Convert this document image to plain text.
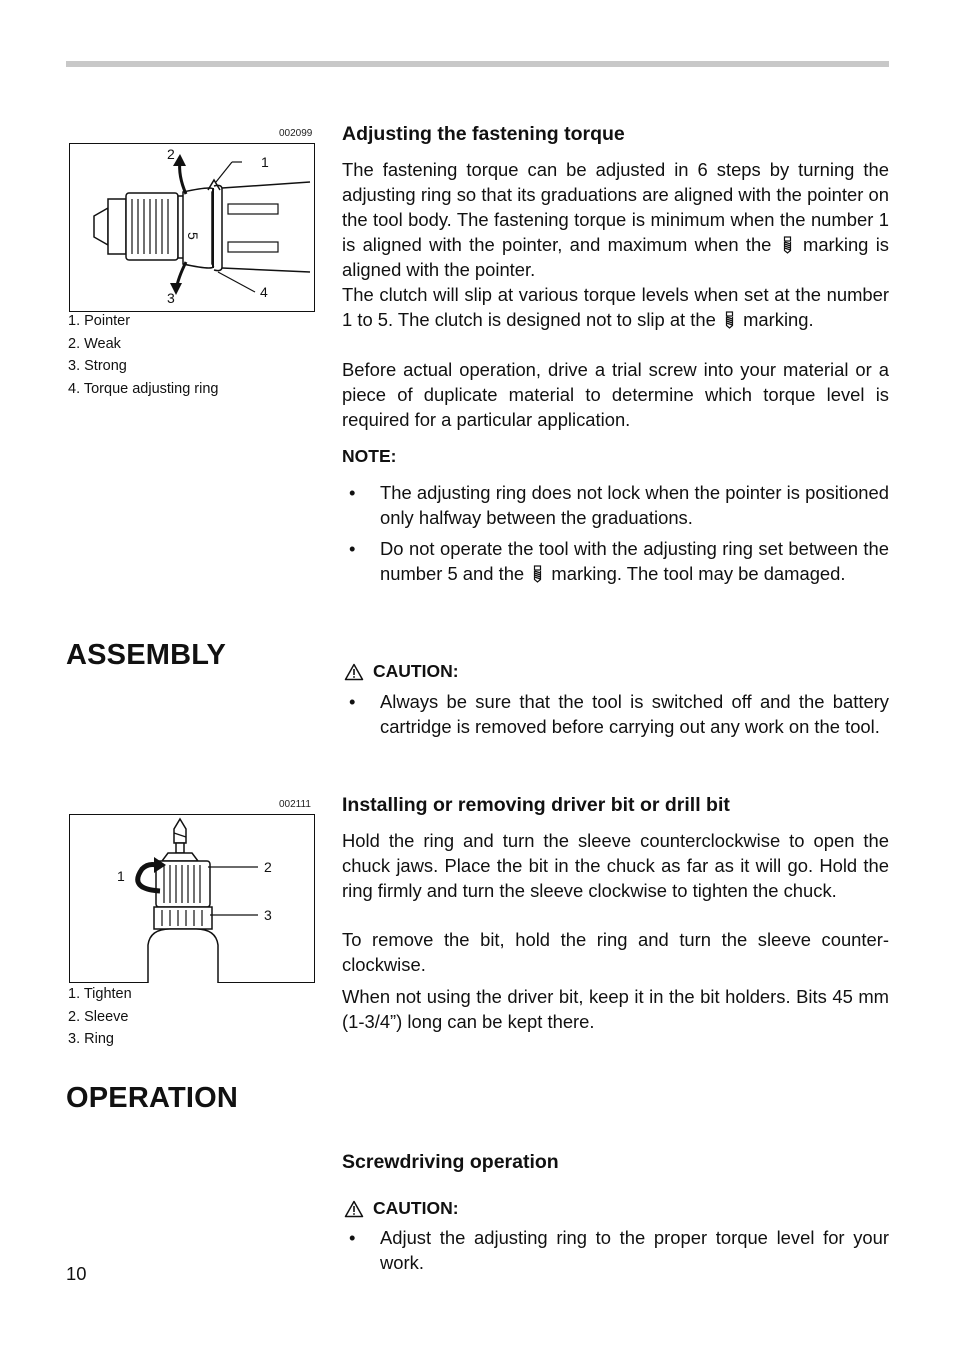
002099
5
1
2
3	4
1. Pointer
2. Weak
3. Strong
4. Torque adjusting ring
Adjusting the fastening torque

The fastening torque can be adjusted in 6 steps by turning the adjusting ring so that its graduations are aligned with the pointer on the tool body. The fastening torque is minimum when the number 1 is aligned with the pointer, and maximum when the marking is aligned with the pointer.

The clutch will slip at various torque levels when set at the number 1 to 5. The clutch is designed not to slip at the marking.

Before actual operation, drive a trial screw into your material or a piece of duplicate material to determine which torque level is required for a particular application.

NOTE:
• The adjusting ring does not lock when the pointer is positioned only halfway between the graduations.
• Do not operate the tool with the adjusting ring set between the number 5 and the marking. The tool may be damaged.
ASSEMBLY	CAUTION:
• Always be sure that the tool is switched off and the battery cartridge is removed before carrying out any work on the tool.
002111
1
2
3
1. Tighten
2. Sleeve
3. Ring
Installing or removing driver bit or drill bit

Hold the ring and turn the sleeve counterclockwise to open the chuck jaws. Place the bit in the chuck as far as it will go. Hold the ring firmly and turn the sleeve clockwise to tighten the chuck.

To remove the bit, hold the ring and turn the sleeve counter-clockwise.

When not using the driver bit, keep it in the bit holders. Bits 45 mm (1-3/4”) long can be kept there.

OPERATION
Screwdriving operation
CAUTION:
• Adjust the adjusting ring to the proper torque level for your work.
10
